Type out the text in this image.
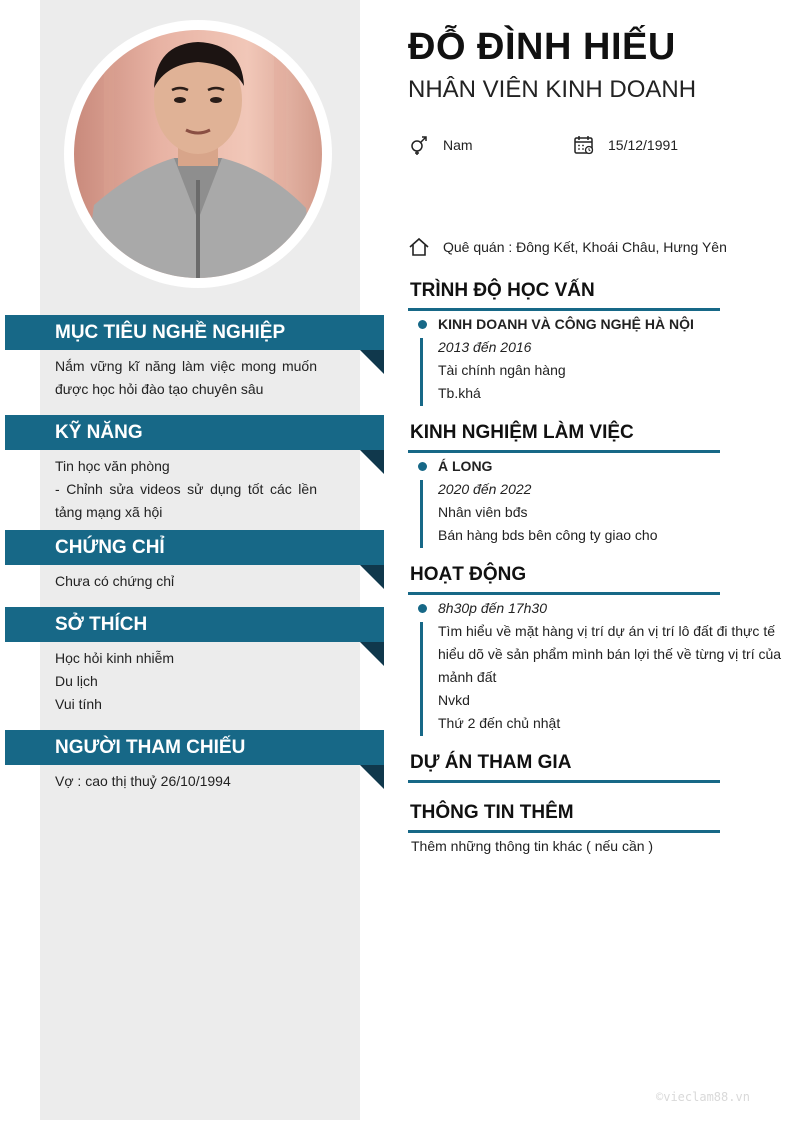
ĐỖ ĐÌNH HIẾU
NHÂN VIÊN KINH DOANH
Nam	15/12/1991
Quê quán : Đông Kết, Khoái Châu, Hưng Yên
MỤC TIÊU NGHỀ NGHIỆP
Nắm vững kĩ năng làm việc mong muốn được học hỏi đào tạo chuyên sâu
KỸ NĂNG
Tin học văn phòng
- Chỉnh sửa videos sử dụng tốt các lền tảng mạng xã hội
CHỨNG CHỈ
Chưa có chứng chỉ
SỞ THÍCH
Học hỏi kinh nhiễm
Du lịch
Vui tính
NGƯỜI THAM CHIẾU
Vợ : cao thị thuỷ 26/10/1994
TRÌNH ĐỘ HỌC VẤN
KINH DOANH VÀ CÔNG NGHỆ HÀ NỘI
2013 đến 2016
Tài chính ngân hàng
Tb.khá
KINH NGHIỆM LÀM VIỆC
Á LONG
2020 đến 2022
Nhân viên bđs
Bán hàng bds bên công ty giao cho
HOẠT ĐỘNG
8h30p đến 17h30
Tìm hiểu về mặt hàng vị trí dự án vị trí lô đất đi thực tế hiểu dõ về sản phẩm mình bán lợi thế về từng vị trí của mảnh đất
Nvkd
Thứ 2 đến chủ nhật
DỰ ÁN THAM GIA
THÔNG TIN THÊM
Thêm những thông tin khác ( nếu cần )
©vieclam88.vn
